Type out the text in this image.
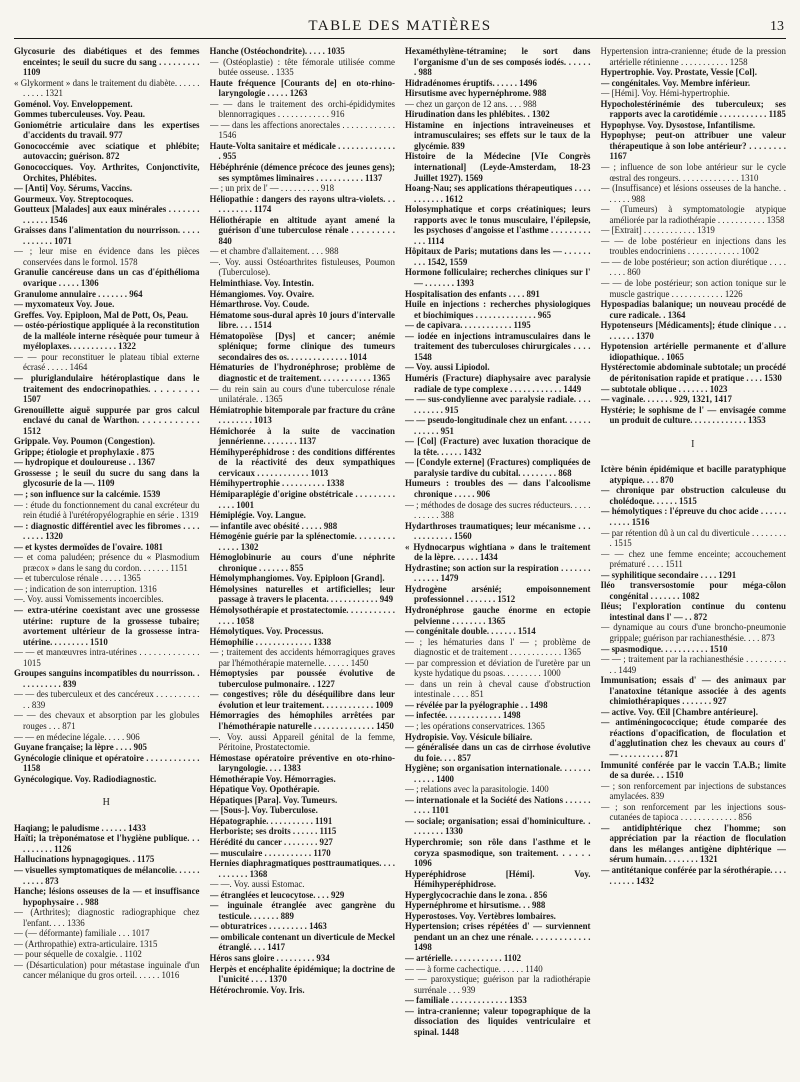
TABLE DES MATIÈRES	13

Glycosurie des diabétiques et des femmes enceintes; le seuil du sucre du sang . . . . . . . . . 1109

« Glykorment » dans le traitement du diabète. . . . . . . . . . . 1321

Goménol. Voy. Enveloppement.

Gommes tuberculeuses. Voy. Peau.

Goniométrie articulaire dans les expertises d'accidents du travail. 977

Gonococcémie avec sciatique et phlébite; autovaccin; guérison. 872

Gonococciques. Voy. Arthrites, Conjonctivite, Orchites, Phlébites.

— [Anti] Voy. Sérums, Vaccins.

Gourmeux. Voy. Streptocoques.

Goutteux [Malades] aux eaux minérales . . . . . . . . . . . . . 1546

Graisses dans l'alimentation du nourrisson. . . . . . . . . . . . 1071

— ; leur mise en évidence dans les pièces conservées dans le formol. 1578

Granulie cancéreuse dans un cas d'épithélioma ovarique . . . . . 1306

Granulome annulaire . . . . . . . 964

— myxomateux Voy. Joue.

Greffes. Voy. Epiploon, Mal de Pott, Os, Peau.

— ostéo-périostique appliquée à la reconstitution de la malléole interne résèquée pour tumeur à myéloplaxes. . . . . . . . . . . 1322

— — pour reconstituer le plateau tibial externe écrasé . . . . . 1464

— pluriglandulaire hétéroplastique dans le traitement des endocrinopathies. . . . . . . . . 1507

Grenouillette aiguë suppurée par gros calcul enclavé du canal de Warthon. . . . . . . . . . . . 1512

Grippale. Voy. Poumon (Congestion).

Grippe; étiologie et prophylaxie . 875

— hydropique et douloureuse . . 1367

Grossesse ; le seuil du sucre du sang dans la glycosurie de la —. 1109

— ; son influence sur la calcémie. 1539

— : étude du fonctionnement du canal excréteur du rein étudié à l'urétéropyélographie en série . 1319

— : diagnostic différentiel avec les fibromes . . . . . . . . . 1320

— et kystes dermoïdes de l'ovaire. 1081

— et coma paludéen; présence du « Plasmodium præcox » dans le sang du cordon. . . . . . . 1151

— et tuberculose rénale . . . . . 1365

— ; indication de son interruption. 1316

—. Voy. aussi Vomissements incoercibles.

— extra-utérine coexistant avec une grossesse utérine: rupture de la grossesse tubaire; avortement ultérieur de la grossesse intra-utérine. . . . . . . . . 1510

— — et manœuvres intra-utérines . . . . . . . . . . . . . 1015

Groupes sanguins incompatibles du nourrisson. . . . . . . . . . . 839

— — des tuberculeux et des cancéreux . . . . . . . . . . . . 839

— — des chevaux et absorption par les globules rouges . . . 871

— — en médecine légale. . . . . 906

Guyane française; la lèpre . . . . 905

Gynécologie clinique et opératoire . . . . . . . . . . . . 1158

Gynécologique. Voy. Radiodiagnostic.

H

Haqiang; le paludisme . . . . . . 1433

Haïti; la trèponématose et l'hygiène publique. . . . . . . . . . 1126

Hallucinations hypnagogiques. . 1175

— visuelles symptomatiques de mélancolie. . . . . . . . . . . 873

Hanche; lésions osseuses de la — et insuffisance hypophysaire . . 988

— (Arthrites); diagnostic radiographique chez l'enfant. . . . 1336

— (— déformante) familiale . . . 1017

— (Arthropathie) extra-articulaire. 1315

— pour séquelle de coxalgie. . 1102

— (Désarticulation) pour métastase inguinale d'un cancer mélanique du gros orteil. . . . . . 1016

Hanche (Ostéochondrite). . . . . 1035

— (Ostéoplastie) : tête fémorale utilisée comme butée osseuse. . 1335

Haute fréquence [Courants de] en oto-rhino-laryngologie . . . . . 1263

— — dans le traitement des orchi-épididymites blennorragiques . . . . . . . . . . . . 916

— — dans les affections anorectales . . . . . . . . . . . . 1546

Haute-Volta sanitaire et médicale . . . . . . . . . . . . . . 955

Hébéphrénie (démence précoce des jeunes gens); ses symptômes liminaires . . . . . . . . . . . 1137

— ; un prix de l' — . . . . . . . . . 918

Héliopathie : dangers des rayons ultra-violets. . . . . . . . . . . 1174

Héliothérapie en altitude ayant amené la guérison d'une tuberculose rénale . . . . . . . . . 840

— et chambre d'allaitement. . . . 988

—. Voy. aussi Ostéoarthrites fistuleuses, Poumon (Tuberculose).

Helminthiase. Voy. Intestin.

Hémangiomes. Voy. Ovaire.

Hémarthrose. Voy. Coude.

Hématome sous-dural après 10 jours d'intervalle libre. . . . 1514

Hématopoïèse [Dys] et cancer; anémie splénique; forme clinique des tumeurs secondaires des os. . . . . . . . . . . . . . 1014

Hématuries de l'hydronéphrose; problème de diagnostic et de traitement. . . . . . . . . . . . 1365

— du rein sain au cours d'une tuberculose rénale unilatérale. . 1365

Hémiatrophie bitemporale par fracture du crâne . . . . . . . . 1013

Hémichorée à la suite de vaccination jennérienne. . . . . . . . 1137

Hémihyperéphidrose : des conditions différentes de la réactivité des deux sympathiques cervicaux . . . . . . . . . . . . 1013

Hémihypertrophie . . . . . . . . . . 1338

Hémiparaplégie d'origine obstétricale . . . . . . . . . . . . . 1001

Hémiplégie. Voy. Langue.

— infantile avec obésité . . . . . 988

Hémogénie guérie par la splénectomie. . . . . . . . . . . . . . 1302

Hémoglobinurie au cours d'une néphrite chronique . . . . . . . 855

Hémolymphangiomes. Voy. Epiploon [Grand].

Hémolysines naturelles et artificielles; leur passage à travers le placenta. . . . . . . . . . . . 949

Hémolysothérapie et prostatectomie. . . . . . . . . . . . . . . 1058

Hémolytiques. Voy. Processus.

Hémophilie . . . . . . . . . . . . . 1338

— ; traitement des accidents hémorragiques graves par l'hémothérapie maternelle. . . . . . 1450

Hémoptysies par poussée évolutive de tuberculose pulmonaire. . 1227

— congestives; rôle du déséquilibre dans leur évolution et leur traitement. . . . . . . . . . . . 1009

Hémorragies des hémophiles arrêtées par l'hémothérapie naturelle . . . . . . . . . . . . . . 1450

—. Voy. aussi Appareil génital de la femme, Péritoine, Prostatectomie.

Hémostase opératoire préventive en oto-rhino-laryngologie. . . . 1383

Hémothérapie Voy. Hémorragies.

Hépatique Voy. Opothérapie.

Hépatiques [Para]. Voy. Tumeurs.

— [Sous-]. Voy. Tuberculose.

Hépatographie. . . . . . . . . . . 1191

Herboriste; ses droits . . . . . . 1115

Hérédité du cancer . . . . . . . . 927

— musculaire . . . . . . . . . . . 1170

Hernies diaphragmatiques posttraumatiques. . . . . . . . . . . 1368

— —. Voy. aussi Estomac.

— étranglées et leucocytose. . . . 929

— inguinale étranglée avec gangrène du testicule. . . . . . . 889

— obturatrices . . . . . . . . . 1463

— ombilicale contenant un diverticule de Meckel étranglé. . . . 1417

Héros sans gloire . . . . . . . . . 934

Herpès et encéphalite épidémique; la doctrine de l'unicité . . . . 1370

Hétérochromie. Voy. Iris.

Hexaméthylène-tétramine; le sort dans l'organisme d'un de ses composés iodés. . . . . . . 988

Hidradénomes éruptifs. . . . . . 1496

Hirsutisme avec hypernéphrome. 988

— chez un garçon de 12 ans. . . . 988

Hirudination dans les phlébites. . 1302

Histamine en injections intraveineuses et intramusculaires; ses effets sur le taux de la glycémie. 839

Histoire de la Médecine [VIe Congrès international] (Leyde-Amsterdam, 18-23 Juillet 1927). 1569

Hoang-Nau; ses applications thérapeutiques . . . . . . . . . . . 1612

Holosymphatique et corps créatiniques; leurs rapports avec le tonus musculaire, l'épilepsie, les psychoses d'angoisse et l'asthme . . . . . . . . . . . . 1114

Hôpitaux de Paris; mutations dans les — . . . . . . . . . 1542, 1559

Hormone folliculaire; recherches cliniques sur l' — . . . . . . . 1393

Hospitalisation des enfants . . . . 891

Huile en injections : recherches physiologiques et biochimiques . . . . . . . . . . . . . . 965

— de capivara. . . . . . . . . . . . 1195

— iodée en injections intramusculaires dans le traitement des tuberculoses chirurgicales . . . . 1548

— Voy. aussi Lipiodol.

Huméris (Fracture) diaphysaire avec paralysie radiale de type complexe . . . . . . . . . . . . 1449

— — sus-condylienne avec paralysie radiale. . . . . . . . . . . 915

— — pseudo-longitudinale chez un enfant. . . . . . . . . . . . 951

— [Col] (Fracture) avec luxation thoracique de la tête. . . . . . 1432

— [Condyle externe] (Fractures) compliquées de paralysie tardive du cubital. . . . . . . . . 868

Humeurs : troubles des — dans l'alcoolisme chronique . . . . . 906

— ; méthodes de dosage des sucres réducteurs. . . . . . . . . . . 388

Hydarthroses traumatiques; leur mécanisme . . . . . . . . . . . . 1560

« Hydnocarpus wightiana » dans le traitement de la lèpre. . . . . . 1434

Hydrastine; son action sur la respiration . . . . . . . . . . . . . 1479

Hydrogène arsénié; empoisonnement professionnel . . . . . . . 1512

Hydronéphrose gauche énorme en ectopie pelvienne . . . . . . . . 1365

— congénitale double. . . . . . . 1514

— ; les hématuries dans l' — ; problème de diagnostic et de traitement . . . . . . . . . . . . 1365

— par compression et déviation de l'uretère par un kyste hydatique du psoas. . . . . . . . . 1000

— dans un rein à cheval cause d'obstruction intestinale . . . . 851

— révélée par la pyélographie . . 1498

— infectée. . . . . . . . . . . . . 1498

— ; les opérations conservatrices. 1365

Hydropisie. Voy. Vésicule biliaire.

— généralisée dans un cas de cirrhose évolutive du foie. . . . 857

Hygiène; son organisation internationale. . . . . . . . . . . . 1400

— ; relations avec la parasitologie. 1400

— internationale et la Société des Nations . . . . . . . . . . 1101

— sociale; organisation; essai d'hominiculture. . . . . . . . . 1330

Hyperchromie; son rôle dans l'asthme et le coryza spasmodique, son traitement. . . . . . 1096

Hyperéphidrose [Hémi]. Voy. Hémihyperéphidrose.

Hyperglycocrachie dans le zona. . 856

Hypernéphrome et hirsutisme. . . 988

Hyperostoses. Voy. Vertèbres lombaires.

Hypertension; crises répétées d' — surviennent pendant un an chez une rénale. . . . . . . . . . . . . 1498

— artérielle. . . . . . . . . . . . 1102

— — à forme cachectique. . . . . . 1140

— — paroxystique; guérison par la radiothérapie surrénale . . . 939

— familiale . . . . . . . . . . . . . 1353

— intra-cranienne; valeur topographique de la dissociation des liquides ventriculaire et spinal. 1448

Hypertension intra-cranienne; étude de la pression artérielle rétinienne . . . . . . . . . . . 1258

Hypertrophie. Voy. Prostate, Vessie [Col].

— congénitales. Voy. Membre inférieur.

— [Hémi]. Voy. Hémi-hypertrophie.

Hypocholestérinémie des tuberculeux; ses rapports avec la carotidémie . . . . . . . . . . . 1185

Hypophyse. Voy. Dysostose, Infantilisme.

Hypophyse; peut-on attribuer une valeur thérapeutique à son lobe antérieur? . . . . . . . . 1167

— ; influence de son lobe antérieur sur le cycle œstral des rongeurs. . . . . . . . . . . . . . 1310

— (Insuffisance) et lésions osseuses de la hanche. . . . . . . 988

— (Tumeurs) à symptomatologie atypique améliorée par la radiothérapie . . . . . . . . . . . 1358

— [Extrait] . . . . . . . . . . . . 1319

— — de lobe postérieur en injections dans les troubles endocriniens . . . . . . . . . . . . 1002

— — de lobe postérieur; son action diurétique . . . . . . . . 860

— — de lobe postérieur; son action tonique sur le muscle gastrique . . . . . . . . . . . . 1226

Hypospadias balanique; un nouveau procédé de cure radicale. . 1364

Hypotenseurs [Médicaments]; étude clinique . . . . . . . . . 1370

Hypotension artérielle permanente et d'allure idiopathique. . 1065

Hystérectomie abdominale subtotale; un procédé de péritonisation rapide et pratique . . . . 1530

— subtotale oblique . . . . . . . 1023

— vaginale. . . . . . . 929, 1321, 1417

Hystérie; le sophisme de l' — envisagée comme un produit de culture. . . . . . . . . . . . . 1353

I

Ictère bénin épidémique et bacille paratyphique atypique. . . . 870

— chronique par obstruction calculeuse du cholédoque. . . . . . 1515

— hémolytiques : l'épreuve du choc acide . . . . . . . . . . . 1516

— par rétention dû à un cal du diverticule . . . . . . . . . 1515

— — chez une femme enceinte; accouchement prématuré . . . . 1511

— syphilitique secondaire . . . . 1291

Iléo transversostomie pour méga-côlon congénital . . . . . . . 1082

Iléus; l'exploration continue du contenu intestinal dans l' — . . 872

— dynamique au cours d'une broncho-pneumonie grippale; guérison par rachianesthésie. . . . 873

— spasmodique. . . . . . . . . . . 1510

— — ; traitement par la rachianesthésie . . . . . . . . . . . 1449

Immunisation; essais d' — des animaux par l'anatoxine tétanique associée à des agents chimiothérapiques . . . . . . . 927

— active. Voy. Œil [Chambre antérieure].

— antiméningococcique; étude comparée des réactions d'opacification, de floculation et d'agglutination chez les chevaux au cours d' — . . . . . . . . . . 871

Immunité conférée par le vaccin T.A.B.; limite de sa durée. . . 1510

— ; son renforcement par injections de substances amylacées. 839

— ; son renforcement par les injections sous-cutanées de tapioca . . . . . . . . . . . . . 856

— antidiphtérique chez l'homme; son appréciation par la réaction de floculation dans les mélanges antigène diphtérique — sérum humain. . . . . . . . 1321

— antitétanique conférée par la sérothérapie. . . . . . . . . . 1432
